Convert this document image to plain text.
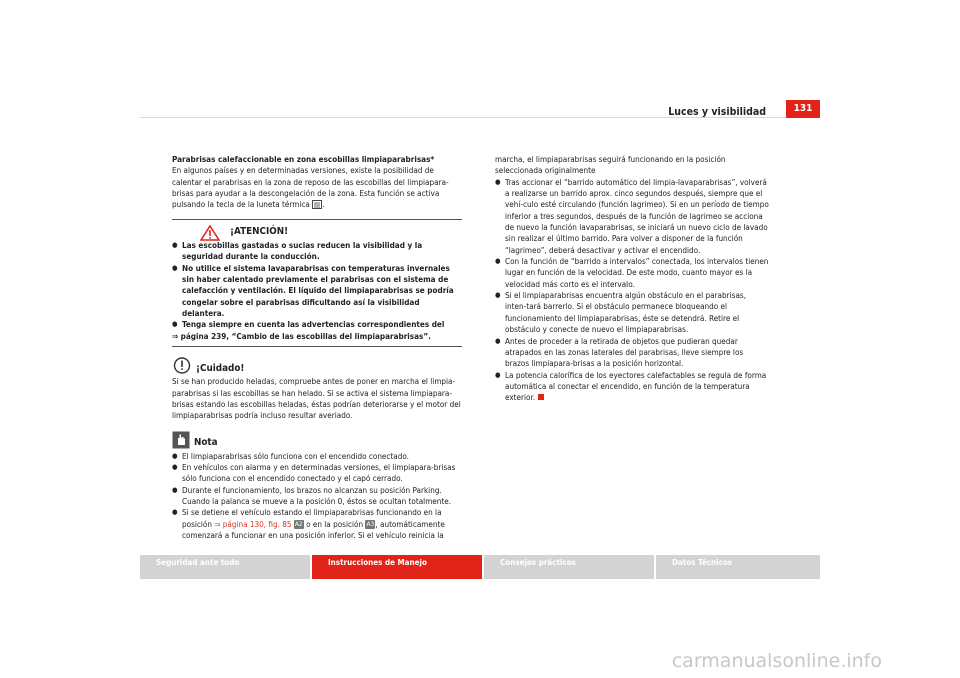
Luces y visibilidad	131

Parabrisas calefaccionable en zona escobillas limpiaparabrisas*

En algunos países y en determinadas versiones, existe la posibilidad de calentar el parabrisas en la zona de reposo de las escobillas del limpiapara-brisas para ayudar a la descongelación de la zona. Esta función se activa pulsando la tecla de la luneta térmica .

¡ATENCIÓN!
● Las escobillas gastadas o sucias reducen la visibilidad y la seguridad durante la conducción.
● No utilice el sistema lavaparabrisas con temperaturas invernales sin haber calentado previamente el parabrisas con el sistema de calefacción y ventilación. El líquido del limpiaparabrisas se podría congelar sobre el parabrisas dificultando así la visibilidad delantera.
● Tenga siempre en cuenta las advertencias correspondientes del
⇒ página 239, “Cambio de las escobillas del limpiaparabrisas”.
¡Cuidado!

Si se han producido heladas, compruebe antes de poner en marcha el limpia-parabrisas si las escobillas se han helado. Si se activa el sistema limpiapara-brisas estando las escobillas heladas, éstas podrían deteriorarse y el motor del limpiaparabrisas podría incluso resultar averiado.

Nota
● El limpiaparabrisas sólo funciona con el encendido conectado.
● En vehículos con alarma y en determinadas versiones, el limpiapara-brisas sólo funciona con el encendido conectado y el capó cerrado.
● Durante el funcionamiento, los brazos no alcanzan su posición Parking. Cuando la palanca se mueve a la posición 0, éstos se ocultan totalmente.
● Si se detiene el vehículo estando el limpiaparabrisas funcionando en la posición ⇒ página 130, fig. 85 A2 o en la posición A3, automáticamente comenzará a funcionar en una posición inferior. Si el vehículo reinicia la

marcha, el limpiaparabrisas seguirá funcionando en la posición seleccionada originalmente

● Tras accionar el “barrido automático del limpia-lavaparabrisas”, volverá a realizarse un barrido aprox. cinco segundos después, siempre que el vehí-culo esté circulando (función lagrimeo). Si en un período de tiempo inferior a tres segundos, después de la función de lagrimeo se acciona de nuevo la función lavaparabrisas, se iniciará un nuevo ciclo de lavado sin realizar el último barrido. Para volver a disponer de la función “lagrimeo”, deberá desactivar y activar el encendido.
● Con la función de “barrido a intervalos” conectada, los intervalos tienen lugar en función de la velocidad. De este modo, cuanto mayor es la velocidad más corto es el intervalo.
● Si el limpiaparabrisas encuentra algún obstáculo en el parabrisas, inten-tará barrerlo. Si el obstáculo permanece bloqueando el funcionamiento del limpiaparabrisas, éste se detendrá. Retire el obstáculo y conecte de nuevo el limpiaparabrisas.
● Antes de proceder a la retirada de objetos que pudieran quedar atrapados en las zonas laterales del parabrisas, lleve siempre los brazos limpiapara-brisas a la posición horizontal.
● La potencia calorífica de los eyectores calefactables se regula de forma automática al conectar el encendido, en función de la temperatura exterior.
Seguridad ante todo	Instrucciones de Manejo	Consejos prácticos	Datos Técnicos
carmanualsonline.info
